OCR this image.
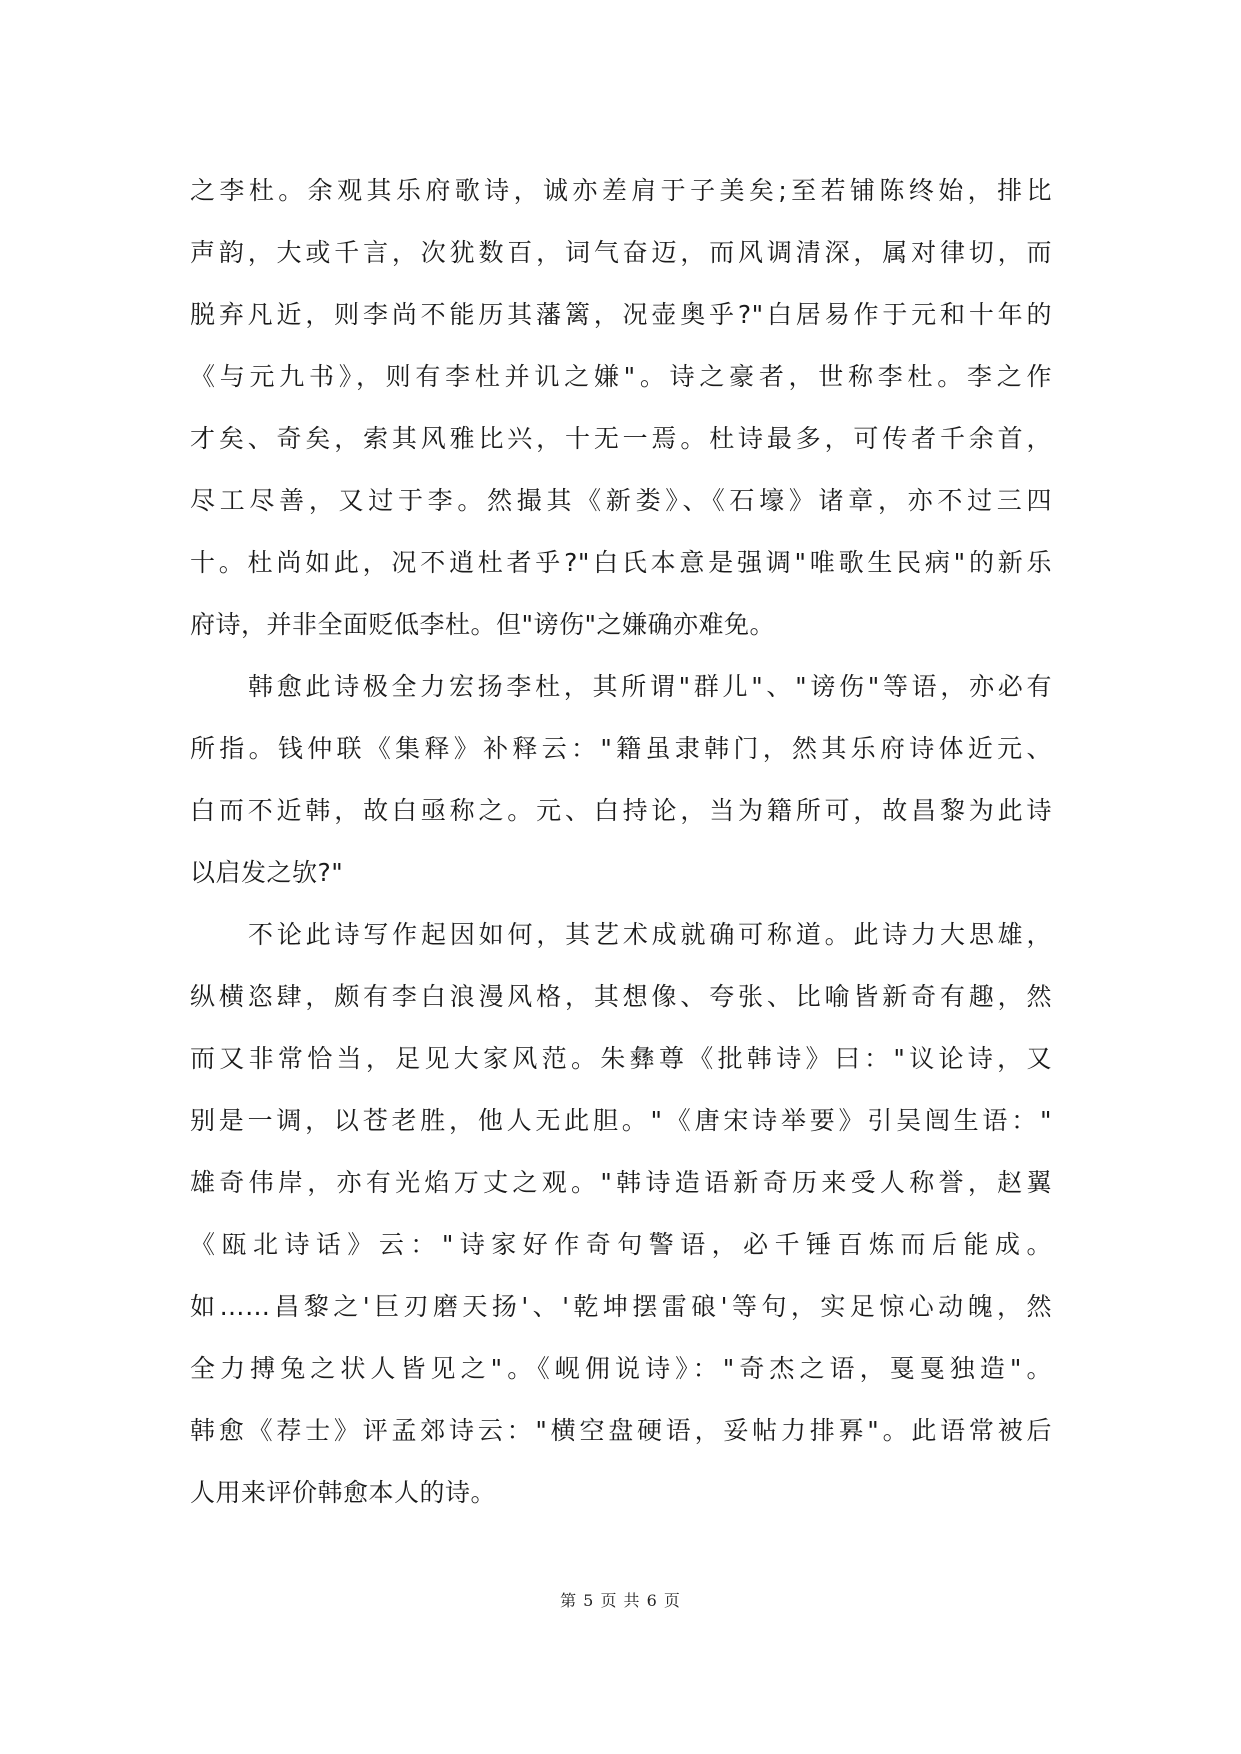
之李杜。余观其乐府歌诗，诚亦差肩于子美矣;至若铺陈终始，排比
声韵，大或千言，次犹数百，词气奋迈，而风调清深，属对律切，而
脱弃凡近，则李尚不能历其藩篱，况壶奥乎?"白居易作于元和十年的
《与元九书》，则有李杜并讥之嫌"。诗之豪者，世称李杜。李之作
才矣、奇矣，索其风雅比兴，十无一焉。杜诗最多，可传者千余首，
尽工尽善，又过于李。然撮其《新娄》、《石壕》诸章，亦不过三四
十。杜尚如此，况不逍杜者乎?"白氏本意是强调"唯歌生民病"的新乐
府诗，并非全面贬低李杜。但"谤伤"之嫌确亦难免。
韩愈此诗极全力宏扬李杜，其所谓"群儿"、"谤伤"等语，亦必有
所指。钱仲联《集释》补释云："籍虽隶韩门，然其乐府诗体近元、
白而不近韩，故白亟称之。元、白持论，当为籍所可，故昌黎为此诗
以启发之欤?"
不论此诗写作起因如何，其艺术成就确可称道。此诗力大思雄，
纵横恣肆，颇有李白浪漫风格，其想像、夸张、比喻皆新奇有趣，然
而又非常恰当，足见大家风范。朱彝尊《批韩诗》曰："议论诗，又
别是一调，以苍老胜，他人无此胆。"《唐宋诗举要》引吴闿生语："
雄奇伟岸，亦有光焰万丈之观。"韩诗造语新奇历来受人称誉，赵翼
《瓯北诗话》云："诗家好作奇句警语，必千锤百炼而后能成。
如……昌黎之'巨刃磨天扬'、'乾坤摆雷硠'等句，实足惊心动魄，然
全力搏兔之状人皆见之"。《岘佣说诗》："奇杰之语，戛戛独造"。
韩愈《荐士》评孟郊诗云："横空盘硬语，妥帖力排奡"。此语常被后
人用来评价韩愈本人的诗。
第 5 页 共 6 页
